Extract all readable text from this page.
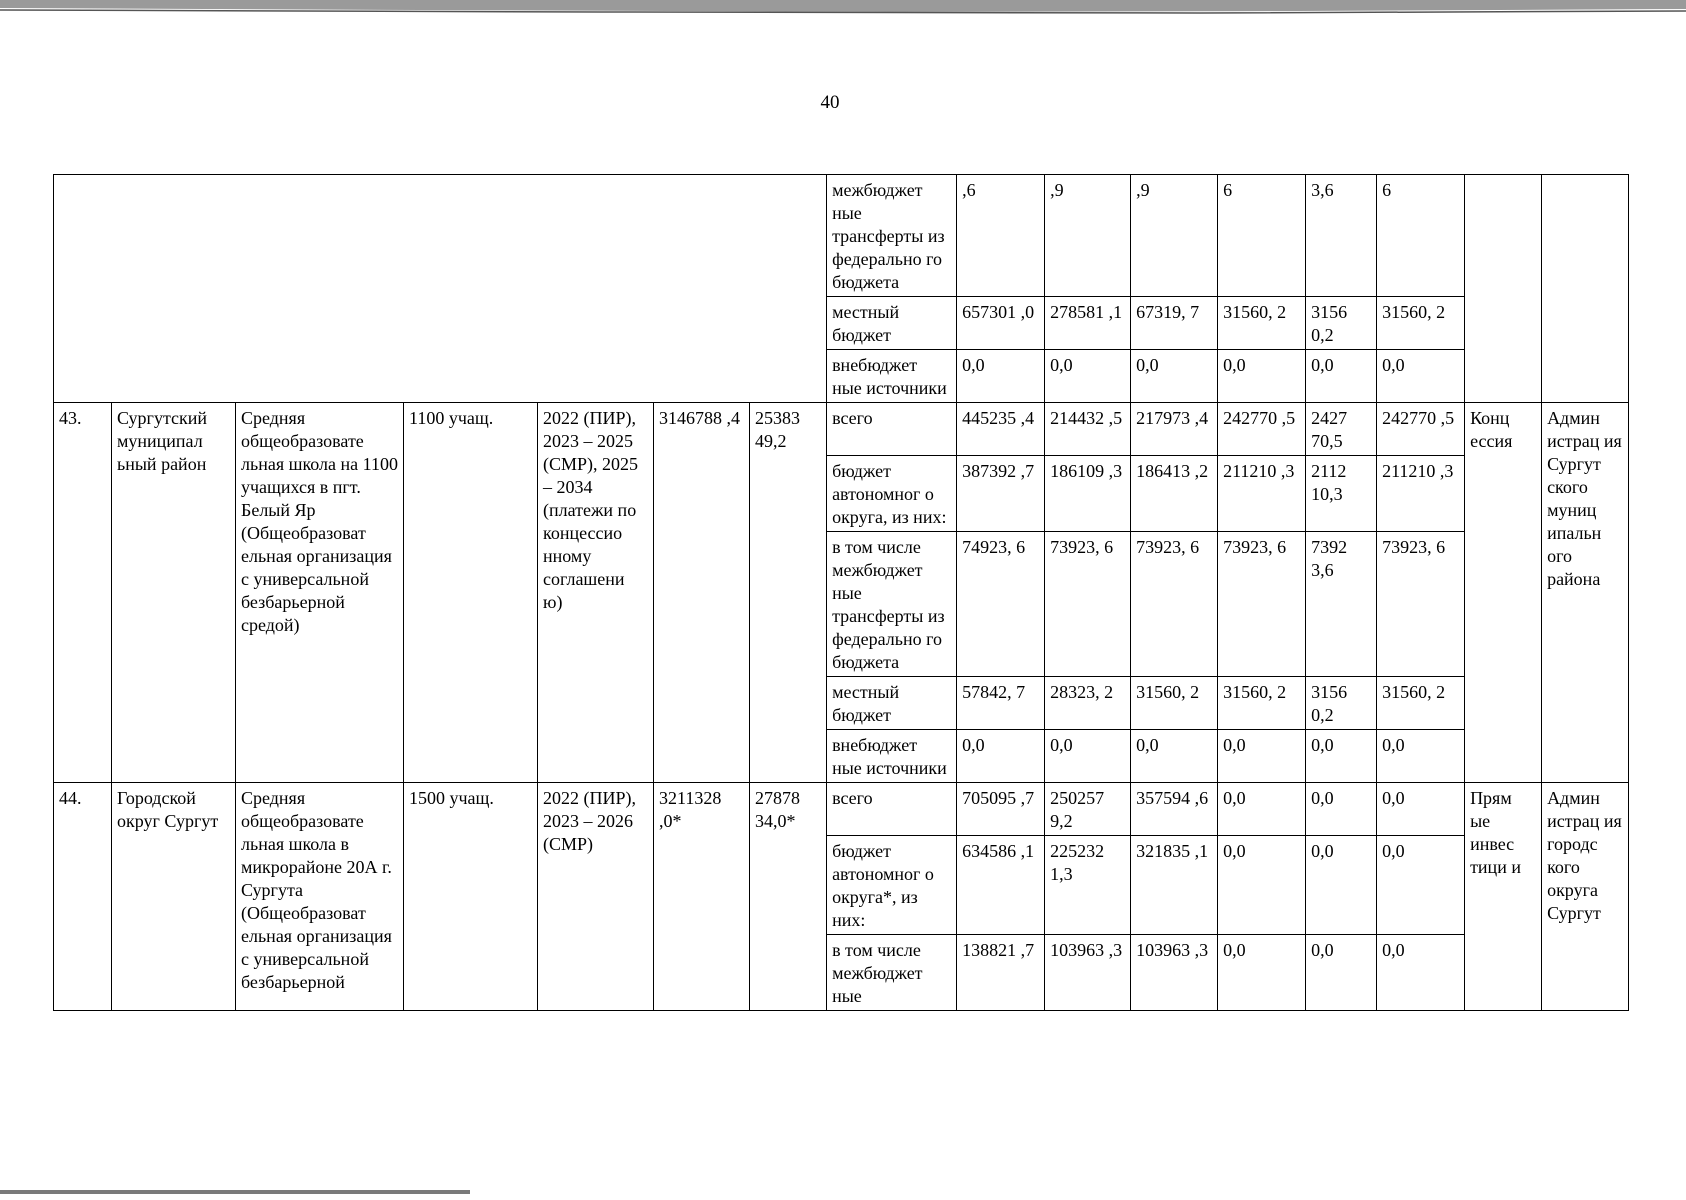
40
							межбюджет ные трансферты из федерально го бюджета	,6	,9	,9	6	3,6	6		
							местный бюджет	657301 ,0	278581 ,1	67319, 7	31560, 2	3156 0,2	31560, 2		
							внебюджет ные источники	0,0	0,0	0,0	0,0	0,0	0,0		
43.	Сургутский муниципал ьный район	Средняя общеобразовате льная школа на 1100 учащихся в пгт. Белый Яр (Общеобразоват ельная организация с универсальной безбарьерной средой)	1100 учащ.	2022 (ПИР), 2023 – 2025 (СМР), 2025 – 2034 (платежи по концессио нному соглашени ю)	3146788 ,4	25383 49,2	всего	445235 ,4	214432 ,5	217973 ,4	242770 ,5	2427 70,5	242770 ,5	Конц ессия	Админ истрац ия Сургут ского муниц ипальн ого района
							бюджет автономног о округа, из них:	387392 ,7	186109 ,3	186413 ,2	211210 ,3	2112 10,3	211210 ,3		
							в том числе межбюджет ные трансферты из федерально го бюджета	74923, 6	73923, 6	73923, 6	73923, 6	7392 3,6	73923, 6		
							местный бюджет	57842, 7	28323, 2	31560, 2	31560, 2	3156 0,2	31560, 2		
							внебюджет ные источники	0,0	0,0	0,0	0,0	0,0	0,0		
44.	Городской округ Сургут	Средняя общеобразовате льная школа в микрорайоне 20А г. Сургута (Общеобразоват ельная организация с универсальной безбарьерной	1500 учащ.	2022 (ПИР), 2023 – 2026 (СМР)	3211328 ,0*	27878 34,0*	всего	705095 ,7	250257 9,2	357594 ,6	0,0	0,0	0,0	Прям ые инвес тици и	Админ истрац ия городс кого округа Сургут
							бюджет автономног о округа*, из них:	634586 ,1	225232 1,3	321835 ,1	0,0	0,0	0,0		
							в том числе межбюджет ные	138821 ,7	103963 ,3	103963 ,3	0,0	0,0	0,0		
